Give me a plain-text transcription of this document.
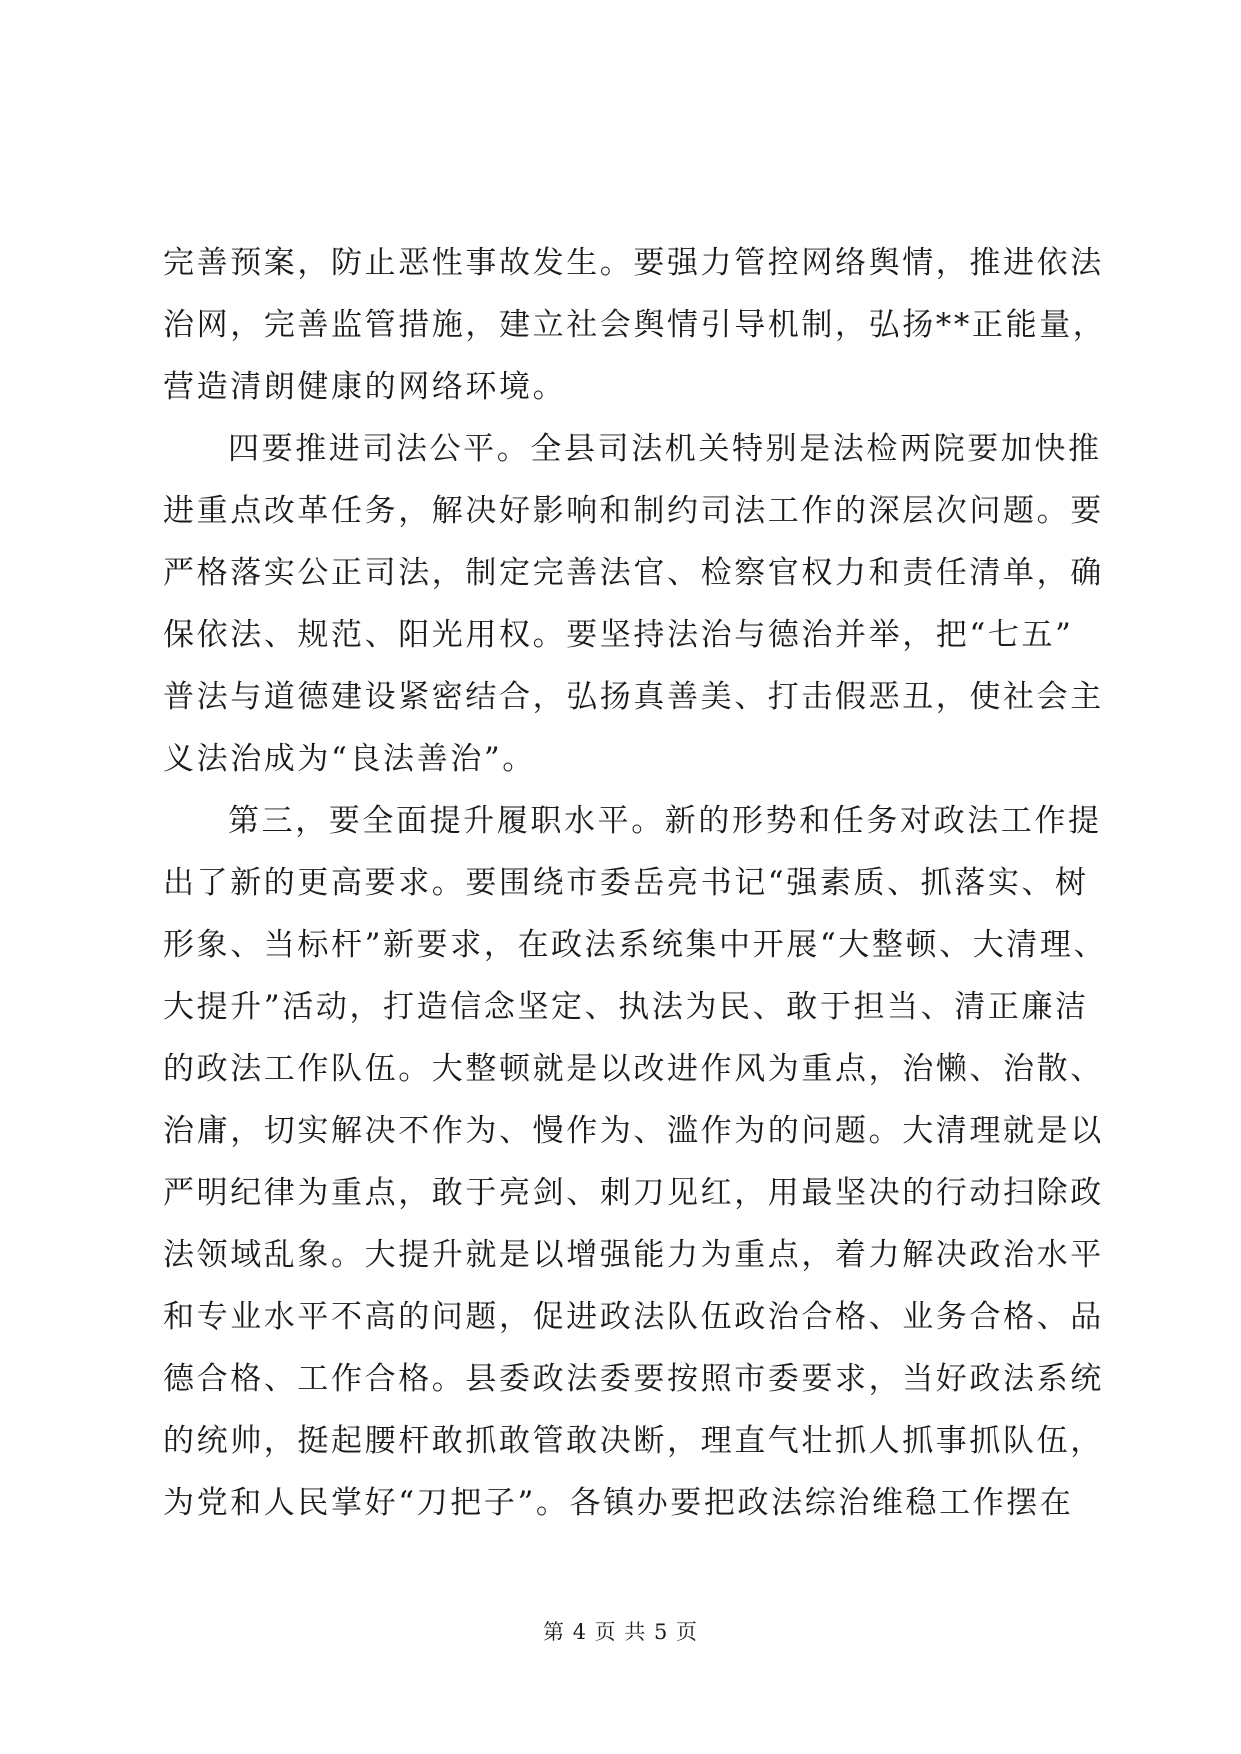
完善预案，防止恶性事故发生。要强力管控网络舆情，推进依法
治网，完善监管措施，建立社会舆情引导机制，弘扬**正能量，
营造清朗健康的网络环境。
四要推进司法公平。全县司法机关特别是法检两院要加快推
进重点改革任务，解决好影响和制约司法工作的深层次问题。要
严格落实公正司法，制定完善法官、检察官权力和责任清单，确
保依法、规范、阳光用权。要坚持法治与德治并举，把“七五”
普法与道德建设紧密结合，弘扬真善美、打击假恶丑，使社会主
义法治成为“良法善治”。
第三，要全面提升履职水平。新的形势和任务对政法工作提
出了新的更高要求。要围绕市委岳亮书记“强素质、抓落实、树
形象、当标杆”新要求，在政法系统集中开展“大整顿、大清理、
大提升”活动，打造信念坚定、执法为民、敢于担当、清正廉洁
的政法工作队伍。大整顿就是以改进作风为重点，治懒、治散、
治庸，切实解决不作为、慢作为、滥作为的问题。大清理就是以
严明纪律为重点，敢于亮剑、刺刀见红，用最坚决的行动扫除政
法领域乱象。大提升就是以增强能力为重点，着力解决政治水平
和专业水平不高的问题，促进政法队伍政治合格、业务合格、品
德合格、工作合格。县委政法委要按照市委要求，当好政法系统
的统帅，挺起腰杆敢抓敢管敢决断，理直气壮抓人抓事抓队伍，
为党和人民掌好“刀把子”。各镇办要把政法综治维稳工作摆在
第 4 页 共 5 页
